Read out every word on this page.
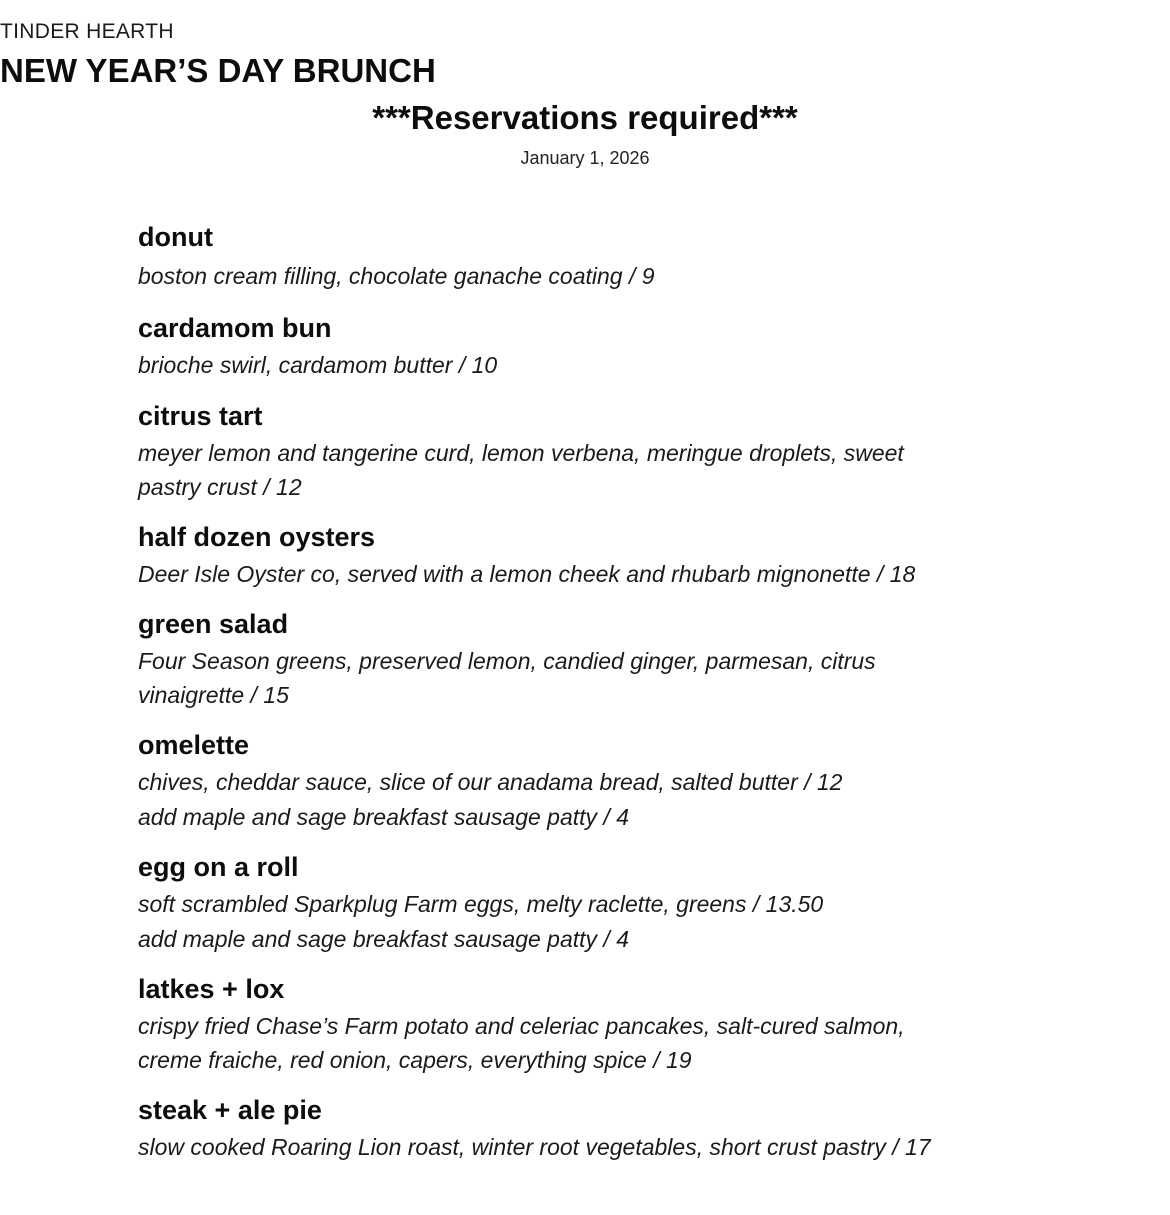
TINDER HEARTH
NEW YEAR’S DAY BRUNCH
***Reservations required***
January 1, 2026
donut
boston cream filling, chocolate ganache coating / 9
cardamom bun
brioche swirl, cardamom butter / 10
citrus tart
meyer lemon and tangerine curd, lemon verbena, meringue droplets, sweet
pastry crust / 12
half dozen oysters
Deer Isle Oyster co, served with a lemon cheek and rhubarb mignonette / 18
green salad
Four Season greens, preserved lemon, candied ginger, parmesan, citrus
vinaigrette / 15
omelette
chives, cheddar sauce, slice of our anadama bread, salted butter / 12
add maple and sage breakfast sausage patty / 4
egg on a roll
soft scrambled Sparkplug Farm eggs, melty raclette, greens / 13.50
add maple and sage breakfast sausage patty / 4
latkes + lox
crispy fried Chase’s Farm potato and celeriac pancakes, salt-cured salmon,
creme fraiche, red onion, capers, everything spice / 19
steak + ale pie
slow cooked Roaring Lion roast, winter root vegetables, short crust pastry / 17
